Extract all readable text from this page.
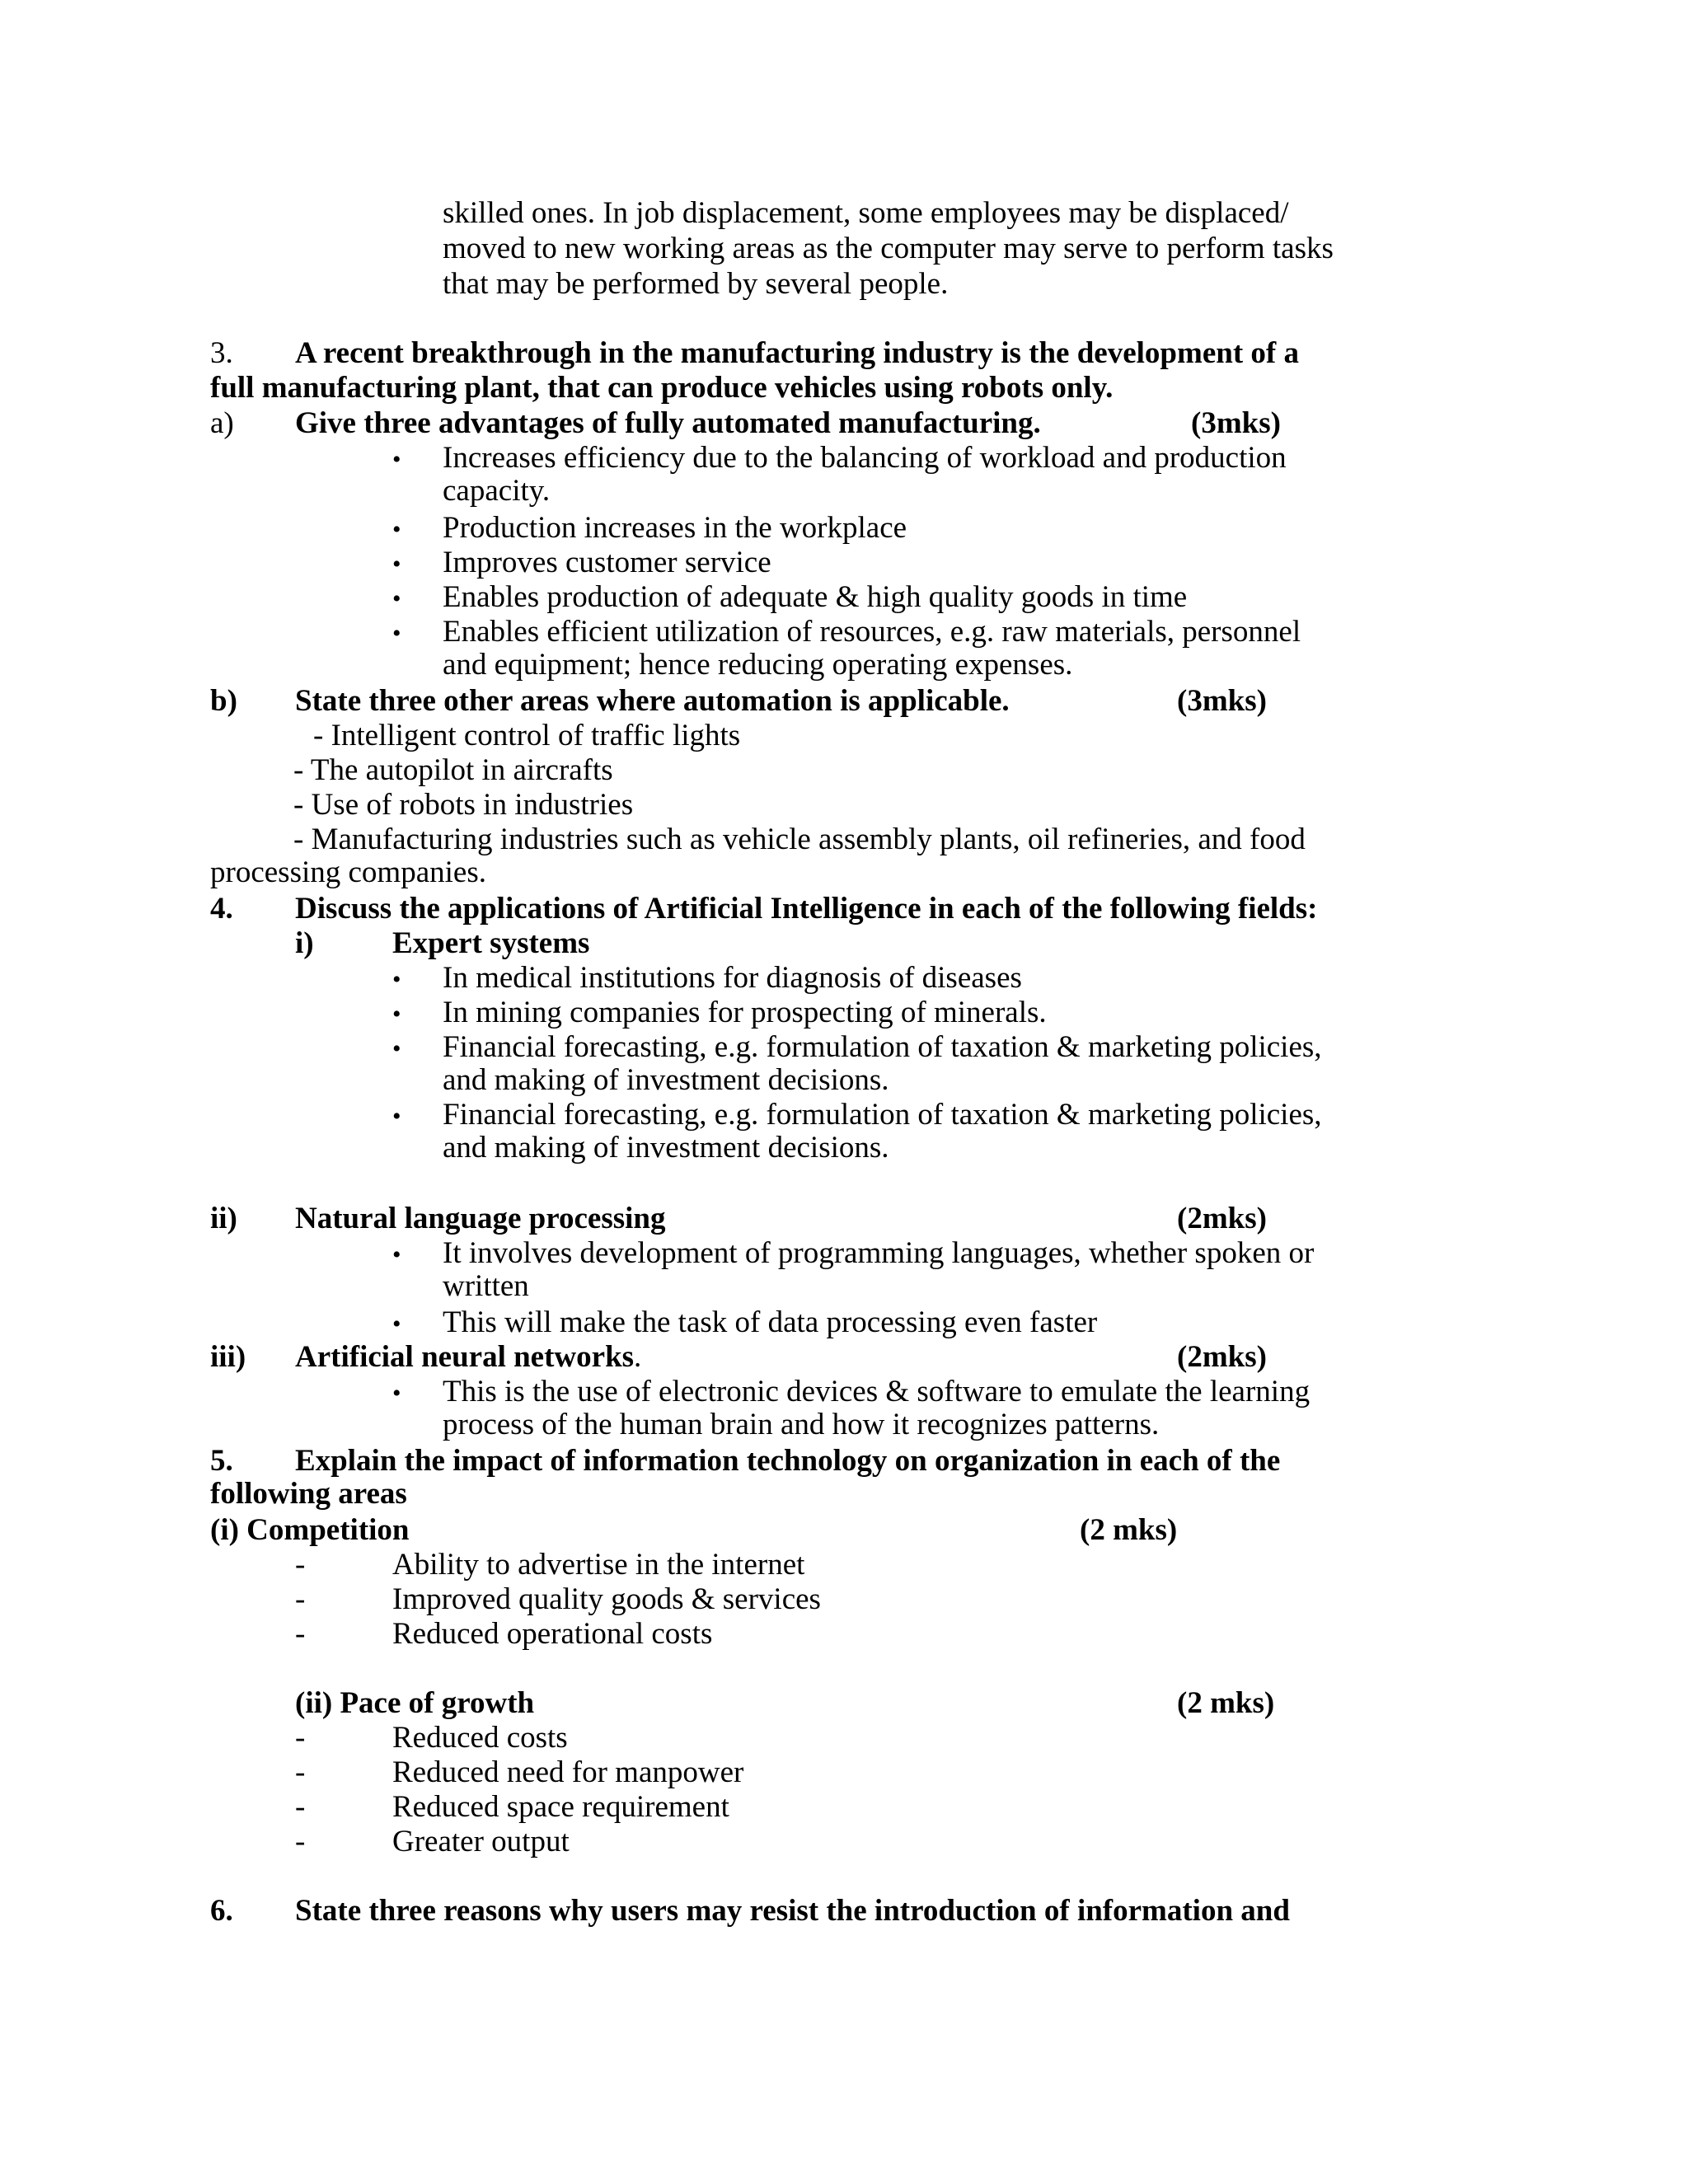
skilled ones. In job displacement, some employees may be displaced/
moved to new working areas as the computer may serve to perform tasks
that may be performed by several people.
3. A recent breakthrough in the manufacturing industry is the development of a
full manufacturing plant, that can produce vehicles using robots only.
a) Give three advantages of fully automated manufacturing.	(3mks)
• Increases efficiency due to the balancing of workload and production
capacity.
• Production increases in the workplace
• Improves customer service
• Enables production of adequate & high quality goods in time
• Enables efficient utilization of resources, e.g. raw materials, personnel
and equipment; hence reducing operating expenses.
b) State three other areas where automation is applicable.	(3mks)
- Intelligent control of traffic lights
- The autopilot in aircrafts
- Use of robots in industries
- Manufacturing industries such as vehicle assembly plants, oil refineries, and food
processing companies.
4. Discuss the applications of Artificial Intelligence in each of the following fields:
i)	Expert systems
• In medical institutions for diagnosis of diseases
• In mining companies for prospecting of minerals.
• Financial forecasting, e.g. formulation of taxation & marketing policies,
and making of investment decisions.
• Financial forecasting, e.g. formulation of taxation & marketing policies,
and making of investment decisions.
ii) Natural language processing	(2mks)
• It involves development of programming languages, whether spoken or
written
• This will make the task of data processing even faster
iii) Artificial neural networks.	(2mks)
• This is the use of electronic devices & software to emulate the learning
process of the human brain and how it recognizes patterns.
5. Explain the impact of information technology on organization in each of the
following areas
(i) Competition	(2 mks)
-	Ability to advertise in the internet
-	Improved quality goods & services
-	Reduced operational costs
(ii) Pace of growth	(2 mks)
-	Reduced costs
-	Reduced need for manpower
-	Reduced space requirement
-	Greater output
6. State three reasons why users may resist the introduction of information and
